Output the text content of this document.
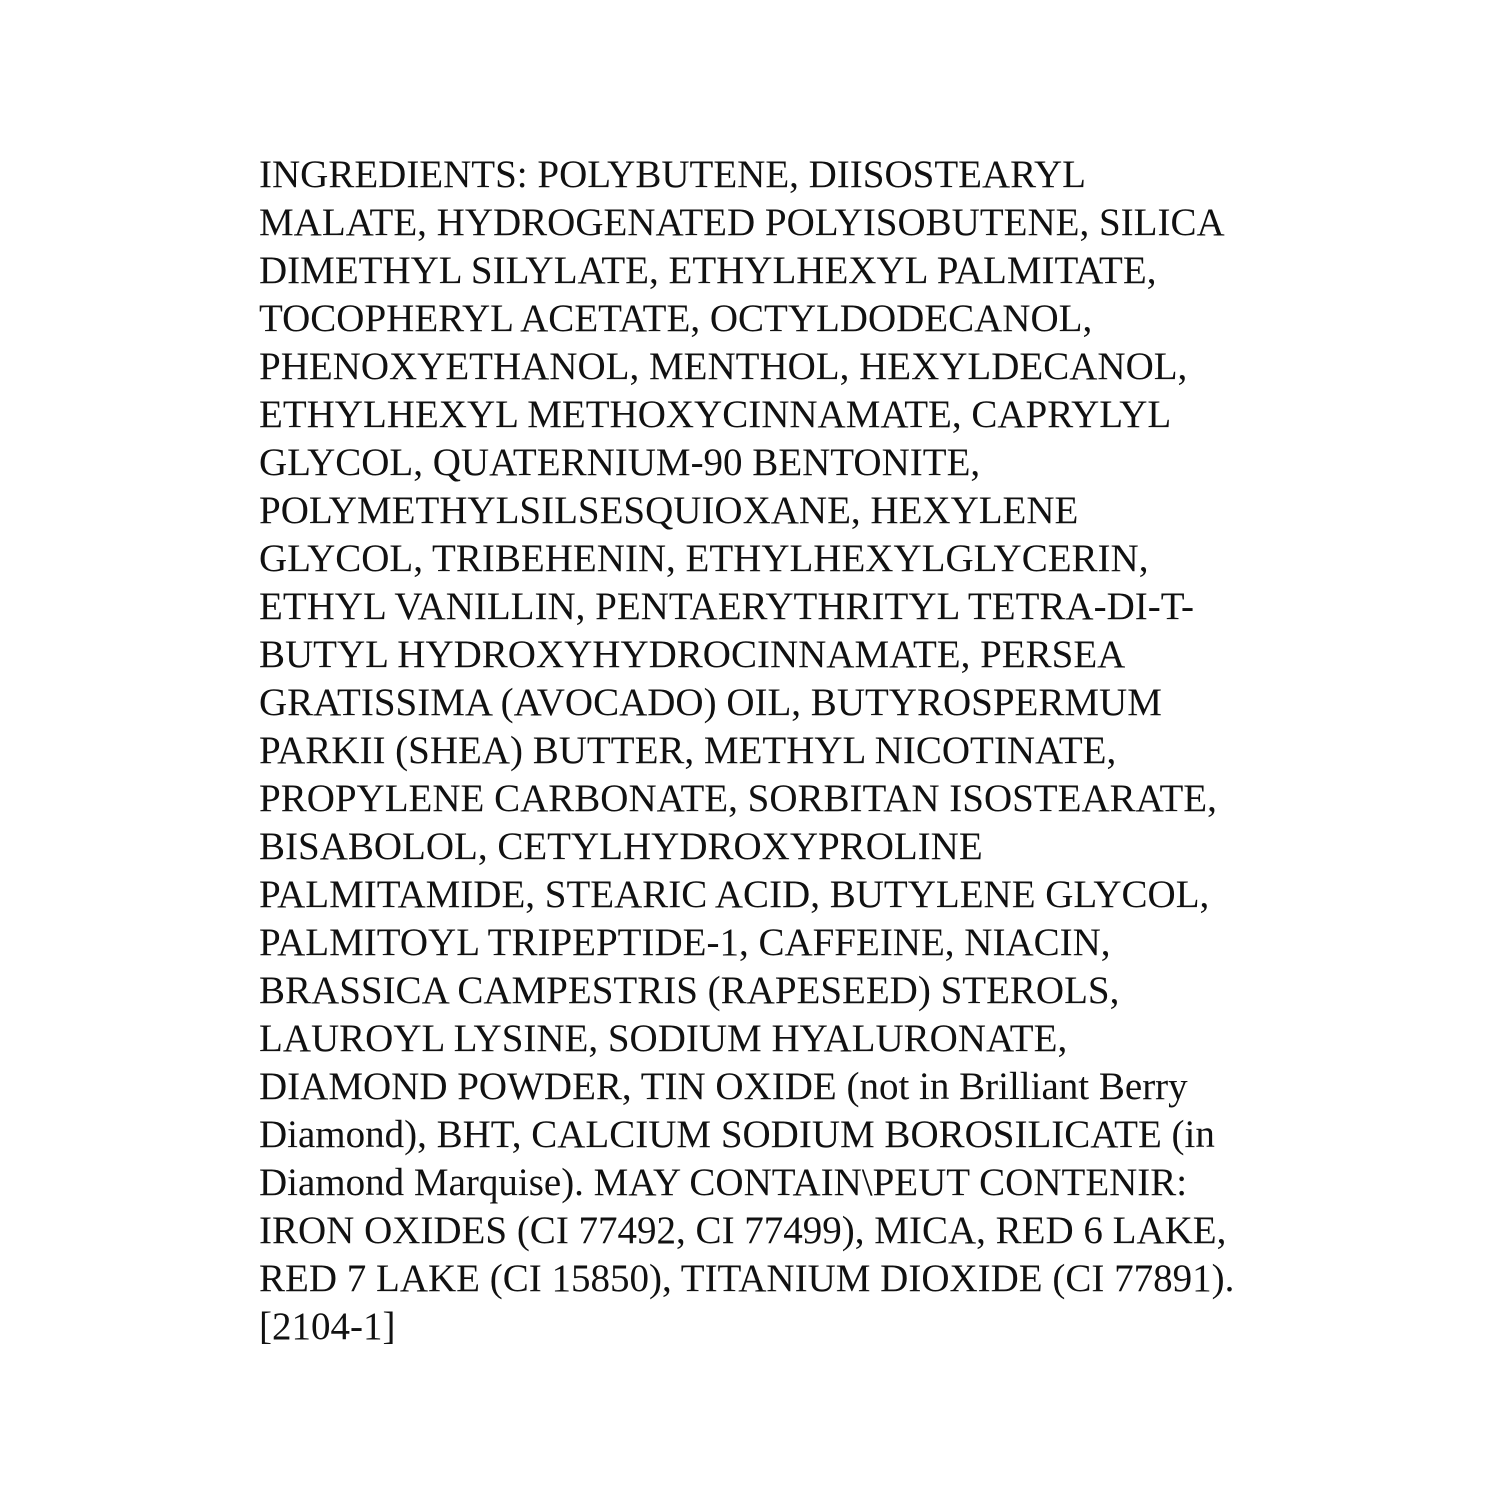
INGREDIENTS: POLYBUTENE, DIISOSTEARYL
MALATE, HYDROGENATED POLYISOBUTENE, SILICA
DIMETHYL SILYLATE, ETHYLHEXYL PALMITATE,
TOCOPHERYL ACETATE, OCTYLDODECANOL,
PHENOXYETHANOL, MENTHOL, HEXYLDECANOL,
ETHYLHEXYL METHOXYCINNAMATE, CAPRYLYL
GLYCOL, QUATERNIUM-90 BENTONITE,
POLYMETHYLSILSESQUIOXANE, HEXYLENE
GLYCOL, TRIBEHENIN, ETHYLHEXYLGLYCERIN,
ETHYL VANILLIN, PENTAERYTHRITYL TETRA-DI-T-
BUTYL HYDROXYHYDROCINNAMATE, PERSEA
GRATISSIMA (AVOCADO) OIL, BUTYROSPERMUM
PARKII (SHEA) BUTTER, METHYL NICOTINATE,
PROPYLENE CARBONATE, SORBITAN ISOSTEARATE,
BISABOLOL, CETYLHYDROXYPROLINE
PALMITAMIDE, STEARIC ACID, BUTYLENE GLYCOL,
PALMITOYL TRIPEPTIDE-1, CAFFEINE, NIACIN,
BRASSICA CAMPESTRIS (RAPESEED) STEROLS,
LAUROYL LYSINE, SODIUM HYALURONATE,
DIAMOND POWDER, TIN OXIDE (not in Brilliant Berry
Diamond), BHT, CALCIUM SODIUM BOROSILICATE (in
Diamond Marquise). MAY CONTAIN\PEUT CONTENIR:
IRON OXIDES (CI 77492, CI 77499), MICA, RED 6 LAKE,
RED 7 LAKE (CI 15850), TITANIUM DIOXIDE (CI 77891).
[2104-1]
